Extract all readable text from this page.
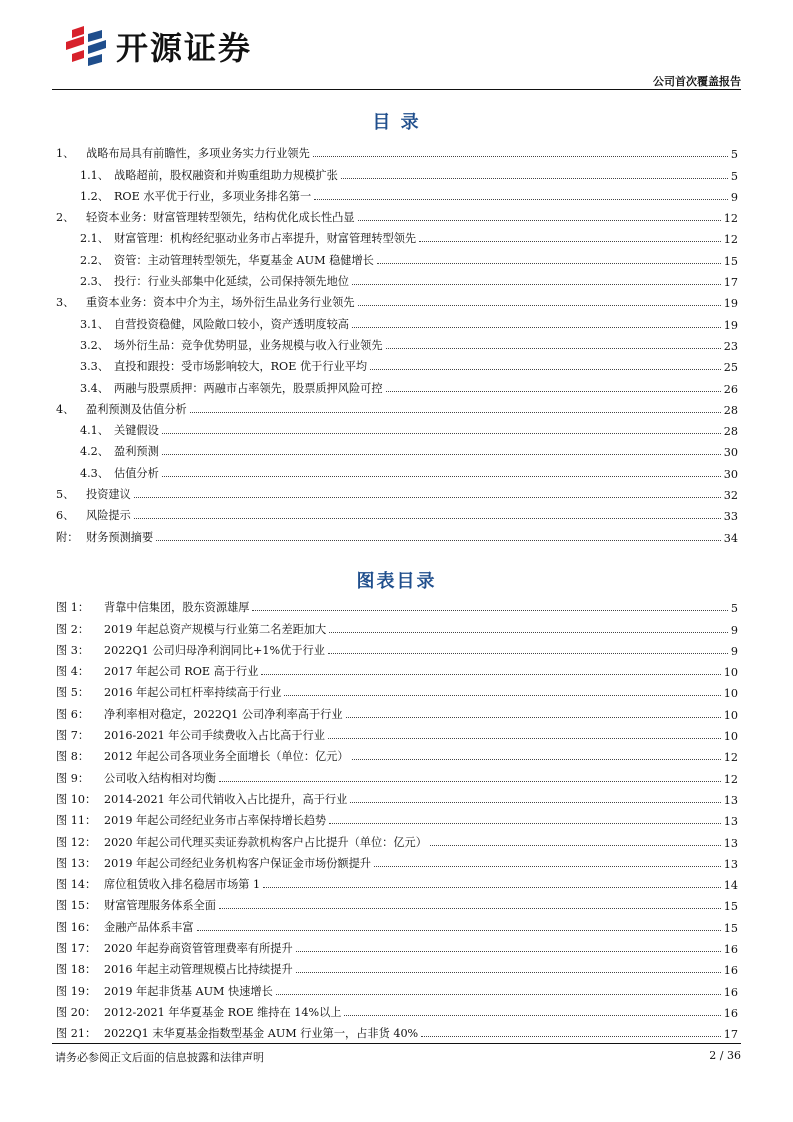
开源证券
公司首次覆盖报告
目 录
1、	战略布局具有前瞻性，多项业务实力行业领先	5
1.1、 战略超前，股权融资和并购重组助力规模扩张	5
1.2、 ROE 水平优于行业，多项业务排名第一	9
2、	轻资本业务：财富管理转型领先，结构优化成长性凸显	12
2.1、 财富管理：机构经纪驱动业务市占率提升，财富管理转型领先	12
2.2、 资管：主动管理转型领先，华夏基金 AUM 稳健增长	15
2.3、 投行：行业头部集中化延续，公司保持领先地位	17
3、	重资本业务：资本中介为主，场外衍生品业务行业领先	19
3.1、 自营投资稳健，风险敞口较小，资产透明度较高	19
3.2、 场外衍生品：竞争优势明显，业务规模与收入行业领先	23
3.3、 直投和跟投：受市场影响较大，ROE 优于行业平均	25
3.4、 两融与股票质押：两融市占率领先，股票质押风险可控	26
4、	盈利预测及估值分析	28
4.1、 关键假设	28
4.2、 盈利预测	30
4.3、 估值分析	30
5、	投资建议	32
6、	风险提示	33
附： 财务预测摘要	34
图表目录
图 1：	背靠中信集团，股东资源雄厚	5
图 2：	2019 年起总资产规模与行业第二名差距加大	9
图 3：	2022Q1 公司归母净利润同比+1%优于行业	9
图 4：	2017 年起公司 ROE 高于行业	10
图 5：	2016 年起公司杠杆率持续高于行业	10
图 6：	净利率相对稳定，2022Q1 公司净利率高于行业	10
图 7：	2016-2021 年公司手续费收入占比高于行业	10
图 8：	2012 年起公司各项业务全面增长（单位：亿元）	12
图 9：	公司收入结构相对均衡	12
图 10： 2014-2021 年公司代销收入占比提升，高于行业	13
图 11： 2019 年起公司经纪业务市占率保持增长趋势	13
图 12： 2020 年起公司代理买卖证券款机构客户占比提升（单位：亿元）	13
图 13： 2019 年起公司经纪业务机构客户保证金市场份额提升	13
图 14： 席位租赁收入排名稳居市场第 1	14
图 15： 财富管理服务体系全面	15
图 16： 金融产品体系丰富	15
图 17： 2020 年起券商资管管理费率有所提升	16
图 18： 2016 年起主动管理规模占比持续提升	16
图 19： 2019 年起非货基 AUM 快速增长	16
图 20： 2012-2021 年华夏基金 ROE 维持在 14%以上	16
图 21： 2022Q1 末华夏基金指数型基金 AUM 行业第一，占非货 40%	17
请务必参阅正文后面的信息披露和法律声明	2 / 36
